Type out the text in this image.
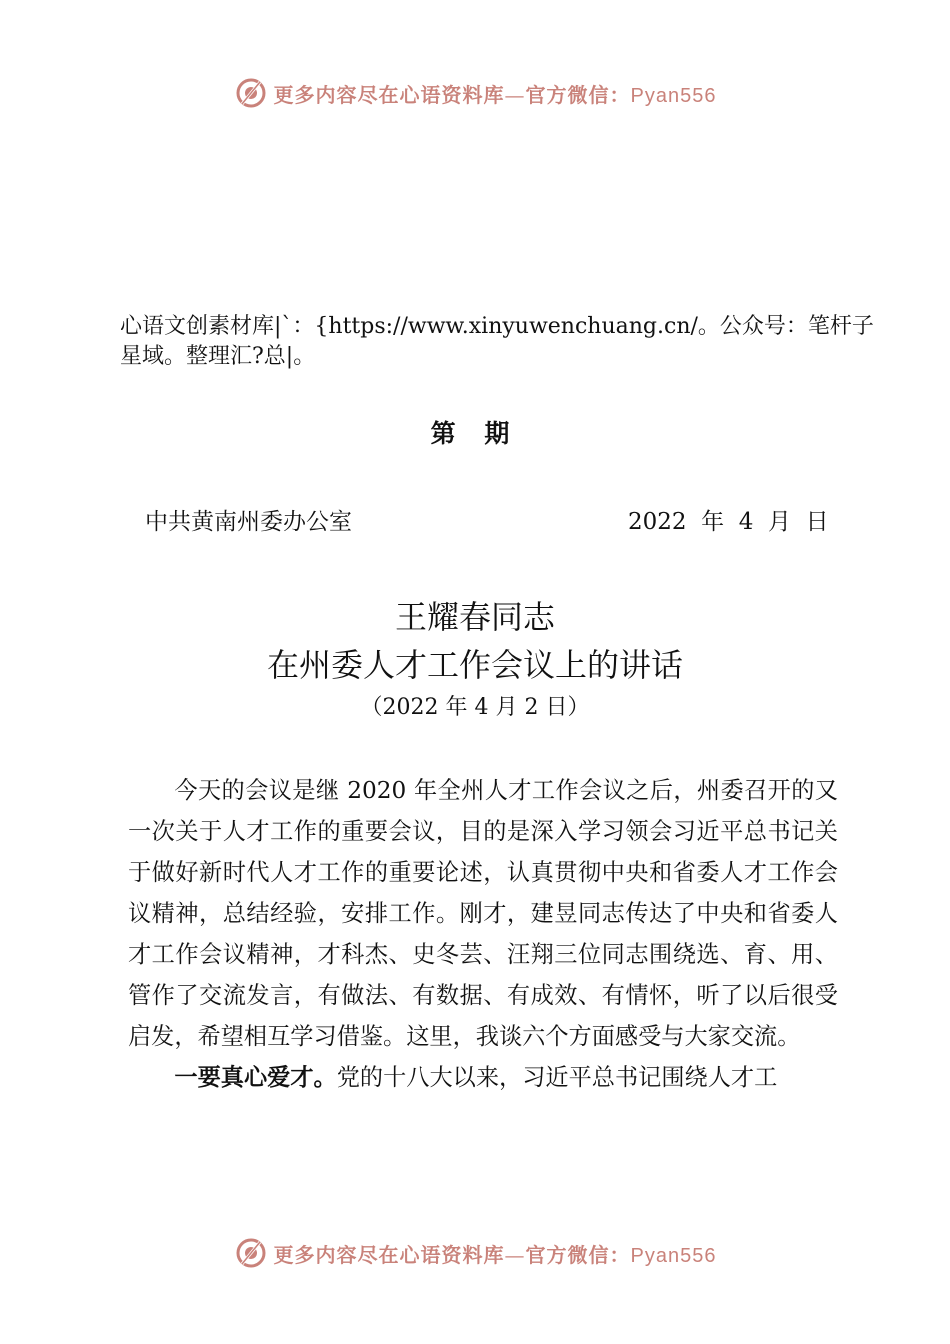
更多内容尽在心语资料库—官方微信：Pyan556
心语文创素材库|`：{https://www.xinyuwenchuang.cn/。公众号：笔杆子星域。整理汇?总|。
第 期
中共黄南州委办公室	2022  年  4  月  日
王耀春同志
在州委人才工作会议上的讲话
（2022 年 4 月 2 日）

今天的会议是继 2020 年全州人才工作会议之后，州委召开的又一次关于人才工作的重要会议，目的是深入学习领会习近平总书记关于做好新时代人才工作的重要论述，认真贯彻中央和省委人才工作会议精神，总结经验，安排工作。刚才，建昱同志传达了中央和省委人才工作会议精神，才科杰、史冬芸、汪翔三位同志围绕选、育、用、管作了交流发言，有做法、有数据、有成效、有情怀，听了以后很受启发，希望相互学习借鉴。这里，我谈六个方面感受与大家交流。

一要真心爱才。党的十八大以来，习近平总书记围绕人才工

更多内容尽在心语资料库—官方微信：Pyan556
